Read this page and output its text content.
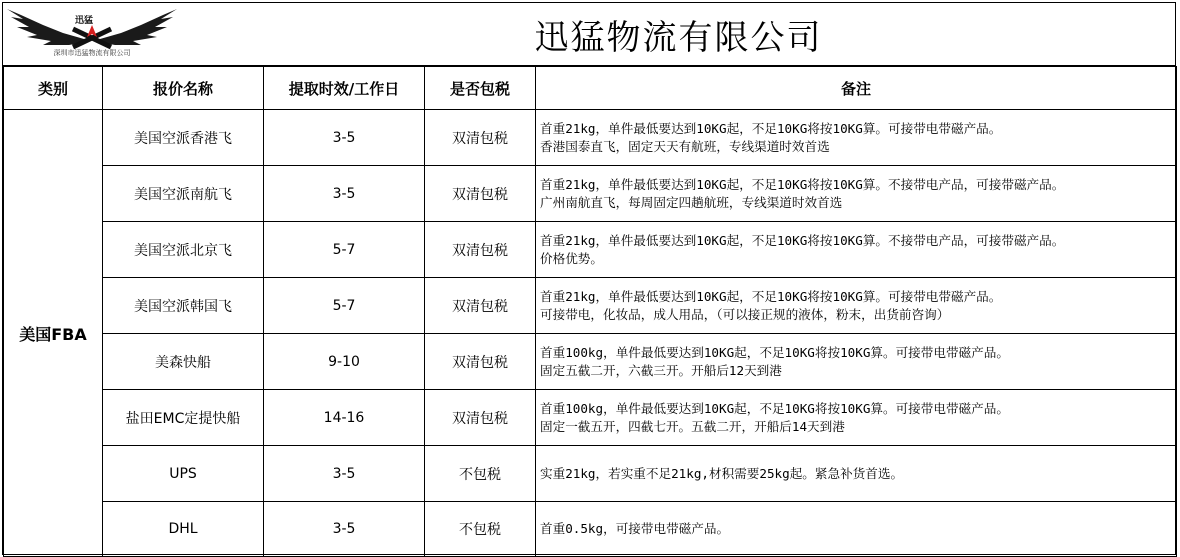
迅猛
深圳市迅猛物流有限公司	迅猛物流有限公司
类别	报价名称	提取时效/工作日	是否包税	备注
美国FBA	美国空派香港飞	3-5	双清包税	首重21kg，单件最低要达到10KG起，不足10KG将按10KG算。可接带电带磁产品。
香港国泰直飞，固定天天有航班，专线渠道时效首选

	美国空派南航飞	3-5	双清包税	首重21kg，单件最低要达到10KG起，不足10KG将按10KG算。不接带电产品，可接带磁产品。
广州南航直飞，每周固定四趟航班，专线渠道时效首选

	美国空派北京飞	5-7	双清包税	首重21kg，单件最低要达到10KG起，不足10KG将按10KG算。不接带电产品，可接带磁产品。
价格优势。

	美国空派韩国飞	5-7	双清包税	首重21kg，单件最低要达到10KG起，不足10KG将按10KG算。可接带电带磁产品。
可接带电，化妆品，成人用品，（可以接正规的液体，粉末，出货前咨询）

	美森快船	9-10	双清包税	首重100kg，单件最低要达到10KG起，不足10KG将按10KG算。可接带电带磁产品。
固定五截二开，六截三开。开船后12天到港

	盐田EMC定提快船	14-16	双清包税	首重100kg，单件最低要达到10KG起，不足10KG将按10KG算。可接带电带磁产品。
固定一截五开，四截七开。五截二开，开船后14天到港

	UPS	3-5	不包税	实重21kg，若实重不足21kg,材积需要25kg起。紧急补货首选。

	DHL	3-5	不包税	首重0.5kg，可接带电带磁产品。
